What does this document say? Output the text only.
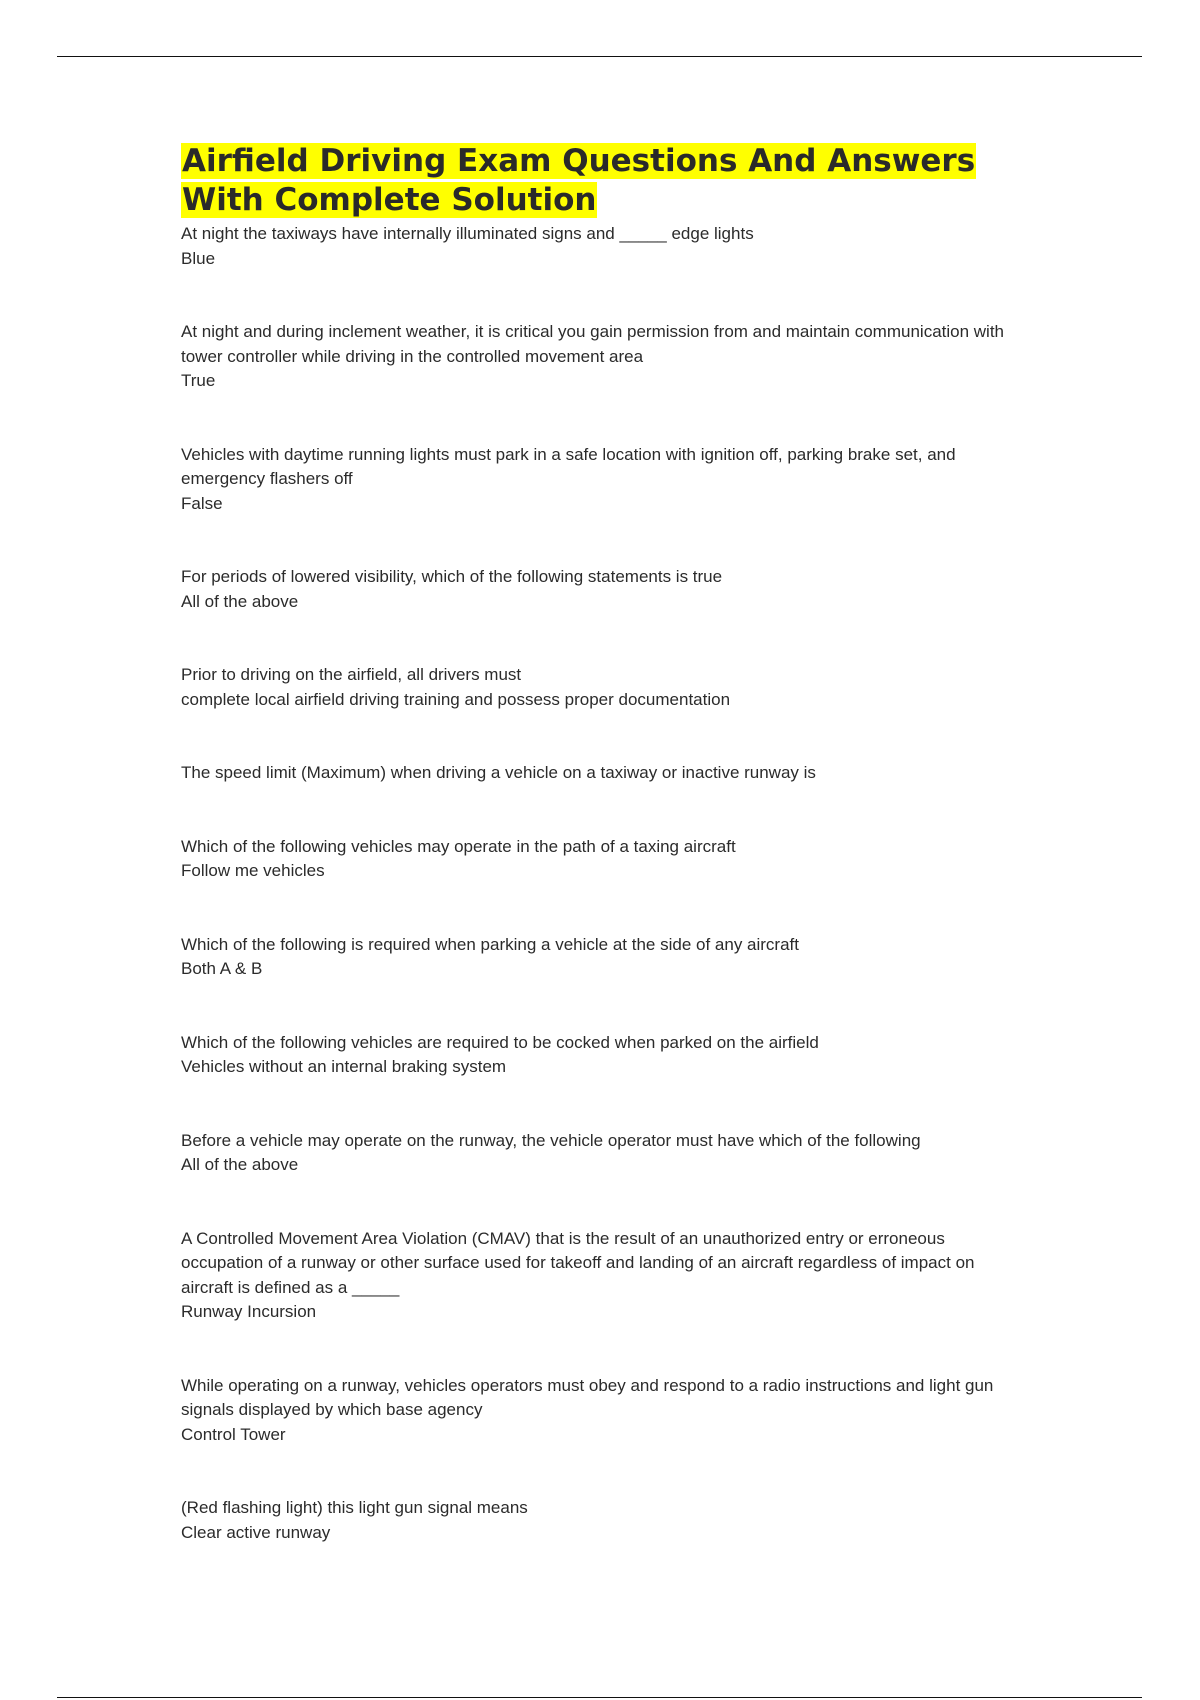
Airfield Driving Exam Questions And Answers
With Complete Solution
At night the taxiways have internally illuminated signs and _____ edge lights
Blue
At night and during inclement weather, it is critical you gain permission from and maintain communication with tower controller while driving in the controlled movement area
True
Vehicles with daytime running lights must park in a safe location with ignition off, parking brake set, and emergency flashers off
False
For periods of lowered visibility, which of the following statements is true
All of the above
Prior to driving on the airfield, all drivers must
complete local airfield driving training and possess proper documentation
The speed limit (Maximum) when driving a vehicle on a taxiway or inactive runway is
Which of the following vehicles may operate in the path of a taxing aircraft
Follow me vehicles
Which of the following is required when parking a vehicle at the side of any aircraft
Both A & B
Which of the following vehicles are required to be cocked when parked on the airfield
Vehicles without an internal braking system
Before a vehicle may operate on the runway, the vehicle operator must have which of the following
All of the above
A Controlled Movement Area Violation (CMAV) that is the result of an unauthorized entry or erroneous occupation of a runway or other surface used for takeoff and landing of an aircraft regardless of impact on aircraft is defined as a _____
Runway Incursion
While operating on a runway, vehicles operators must obey and respond to a radio instructions and light gun signals displayed by which base agency
Control Tower
(Red flashing light) this light gun signal means
Clear active runway
